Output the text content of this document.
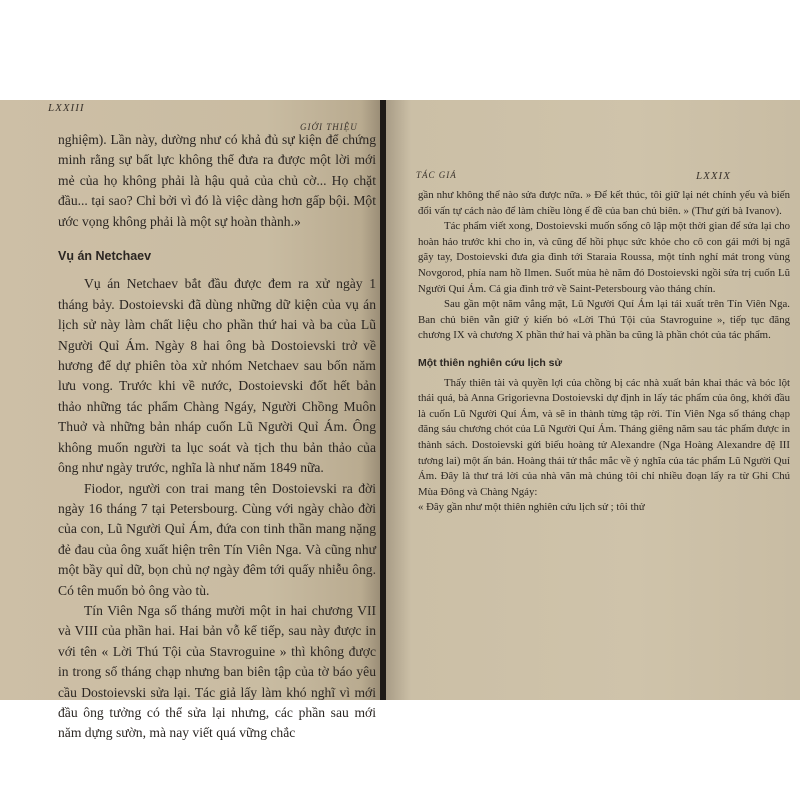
LXXIII
GIỚI THIỆU

nghiệm). Lần này, dường như có khả đủ sự kiện để chứng minh rằng sự bất lực không thể đưa ra được một lời mới mẻ của họ không phải là hậu quả của chủ cờ... Họ chặt đầu... tại sao? Chỉ bởi vì đó là việc dàng hơn gấp bội. Một ước vọng không phải là một sự hoàn thành.»

Vụ án Netchaev

Vụ án Netchaev bắt đầu được đem ra xử ngày 1 tháng bảy. Dostoievski đã dùng những dữ kiện của vụ án lịch sử này làm chất liệu cho phần thứ hai và ba của Lũ Người Quỉ Ám. Ngày 8 hai ông bà Dostoievski trở về hương để dự phiên tòa xử nhóm Netchaev sau bốn năm lưu vong. Trước khi về nước, Dostoievski đốt hết bản thảo những tác phẩm Chàng Ngáy, Người Chồng Muôn Thuở và những bản nháp cuốn Lũ Người Quỉ Ám. Ông không muốn người ta lục soát và tịch thu bản thảo của ông như ngày trước, nghĩa là như năm 1849 nữa.

Fiodor, người con trai mang tên Dostoievski ra đời ngày 16 tháng 7 tại Petersbourg. Cùng với ngày chào đời của con, Lũ Người Quỉ Ám, đứa con tinh thần mang nặng đẻ đau của ông xuất hiện trên Tín Viên Nga. Và cũng như một bầy quỉ dữ, bọn chủ nợ ngày đêm tới quấy nhiễu ông. Có tên muốn bỏ ông vào tù.

Tín Viên Nga số tháng mười một in hai chương VII và VIII của phần hai. Hai bản vỗ kế tiếp, sau này được in với tên « Lời Thú Tội của Stavroguine » thì không được in trong số tháng chạp nhưng ban biên tập của tờ báo yêu cầu Dostoievski sửa lại. Tác giả lấy làm khó nghĩ vì mới đầu ông tưởng có thể sửa lại nhưng, các phần sau mới năm dựng sườn, mà nay viết quá vững chắc

TÁC GIẢ	LXXIX

gần như không thể nào sửa được nữa. » Để kết thúc, tôi giữ lại nét chính yếu và biến đổi vấn tự cách nào để làm chiều lòng ế đề của ban chủ biên. » (Thư gửi bà Ivanov).

Tác phẩm viết xong, Dostoievski muốn sống cô lập một thời gian để sửa lại cho hoàn hảo trước khi cho in, và cũng để hồi phục sức khỏe cho cô con gái mới bị ngã gãy tay, Dostoievski đưa gia đình tới Staraia Roussa, một tỉnh nghỉ mát trong vùng Novgorod, phía nam hồ Ilmen. Suốt mùa hè năm đó Dostoievski ngồi sửa trị cuốn Lũ Người Quỉ Ám. Cả gia đình trở về Saint-Petersbourg vào tháng chín.

Sau gần một năm vắng mặt, Lũ Người Quỉ Ám lại tái xuất trên Tín Viên Nga. Ban chủ biên vẫn giữ ý kiến bỏ «Lời Thú Tội của Stavroguine », tiếp tục đăng chương IX và chương X phần thứ hai và phần ba cũng là phần chót của tác phẩm.

Một thiên nghiên cứu lịch sử

Thấy thiên tài và quyền lợi của chồng bị các nhà xuất bản khai thác và bóc lột thái quá, bà Anna Grigorievna Dostoievski dự định in lấy tác phẩm của ông, khởi đầu là cuốn Lũ Người Quỉ Ám, và sẽ in thành từng tập rời. Tín Viên Nga số tháng chạp đăng sáu chương chót của Lũ Người Quỉ Ám. Tháng giêng năm sau tác phẩm được in thành sách. Dostoievski gửi biếu hoàng tử Alexandre (Nga Hoàng Alexandre đệ III tương lai) một ấn bản. Hoàng thái tử thắc mắc về ý nghĩa của tác phẩm Lũ Người Quỉ Ám. Đây là thư trả lời của nhà văn mà chúng tôi chỉ nhiều đoạn lấy ra từ Ghi Chú Mùa Đông và Chàng Ngáy:

« Đây gần như một thiên nghiên cứu lịch sử ; tôi thử
